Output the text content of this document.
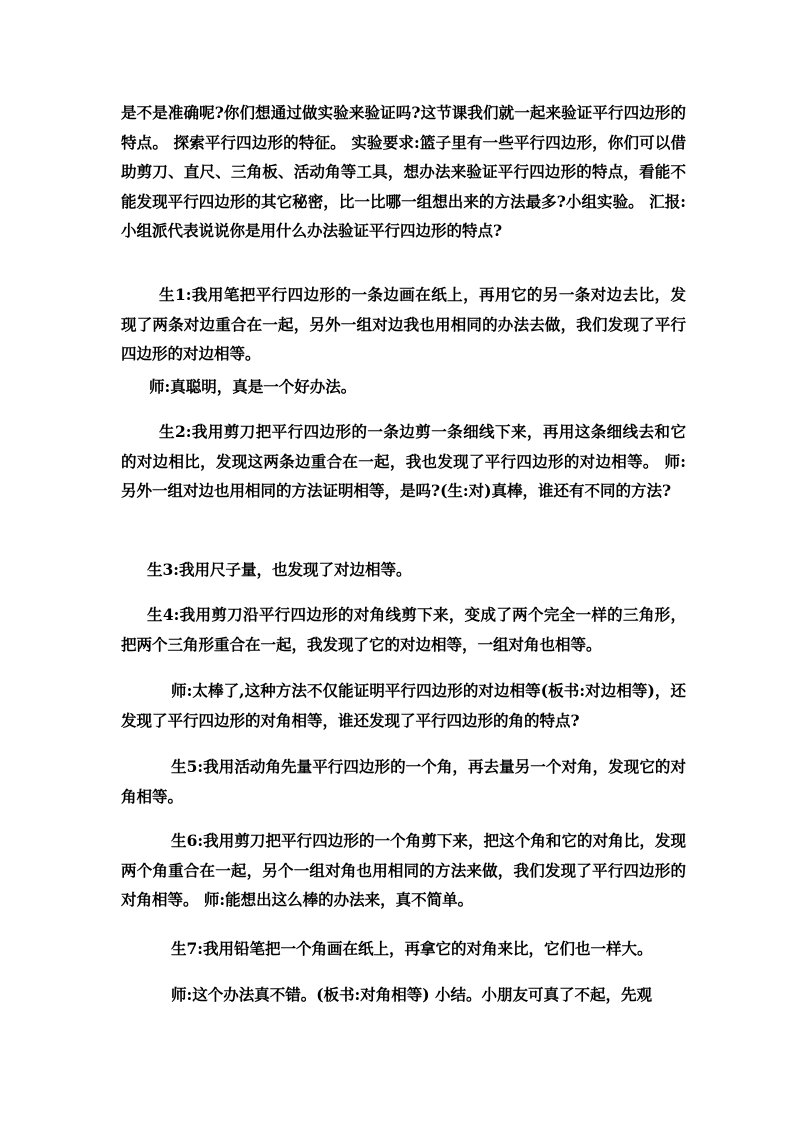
是不是准确呢?你们想通过做实验来验证吗?这节课我们就一起来验证平行四边形的特点。 探索平行四边形的特征。 实验要求:篮子里有一些平行四边形，你们可以借助剪刀、直尺、三角板、活动角等工具，想办法来验证平行四边形的特点，看能不能发现平行四边形的其它秘密，比一比哪一组想出来的方法最多?小组实验。 汇报:小组派代表说说你是用什么办法验证平行四边形的特点?

生1:我用笔把平行四边形的一条边画在纸上，再用它的另一条对边去比，发现了两条对边重合在一起，另外一组对边我也用相同的办法去做，我们发现了平行四边形的对边相等。

师:真聪明，真是一个好办法。

生2:我用剪刀把平行四边形的一条边剪一条细线下来，再用这条细线去和它的对边相比，发现这两条边重合在一起，我也发现了平行四边形的对边相等。 师:另外一组对边也用相同的方法证明相等，是吗?(生:对)真棒，谁还有不同的方法?

生3:我用尺子量，也发现了对边相等。

生4:我用剪刀沿平行四边形的对角线剪下来，变成了两个完全一样的三角形，把两个三角形重合在一起，我发现了它的对边相等，一组对角也相等。

师:太棒了,这种方法不仅能证明平行四边形的对边相等(板书:对边相等)，还发现了平行四边形的对角相等，谁还发现了平行四边形的角的特点?

生5:我用活动角先量平行四边形的一个角，再去量另一个对角，发现它的对角相等。

生6:我用剪刀把平行四边形的一个角剪下来，把这个角和它的对角比，发现两个角重合在一起，另个一组对角也用相同的方法来做，我们发现了平行四边形的对角相等。 师:能想出这么棒的办法来，真不简单。

生7:我用铅笔把一个角画在纸上，再拿它的对角来比，它们也一样大。

师:这个办法真不错。(板书:对角相等) 小结。小朋友可真了不起，先观
